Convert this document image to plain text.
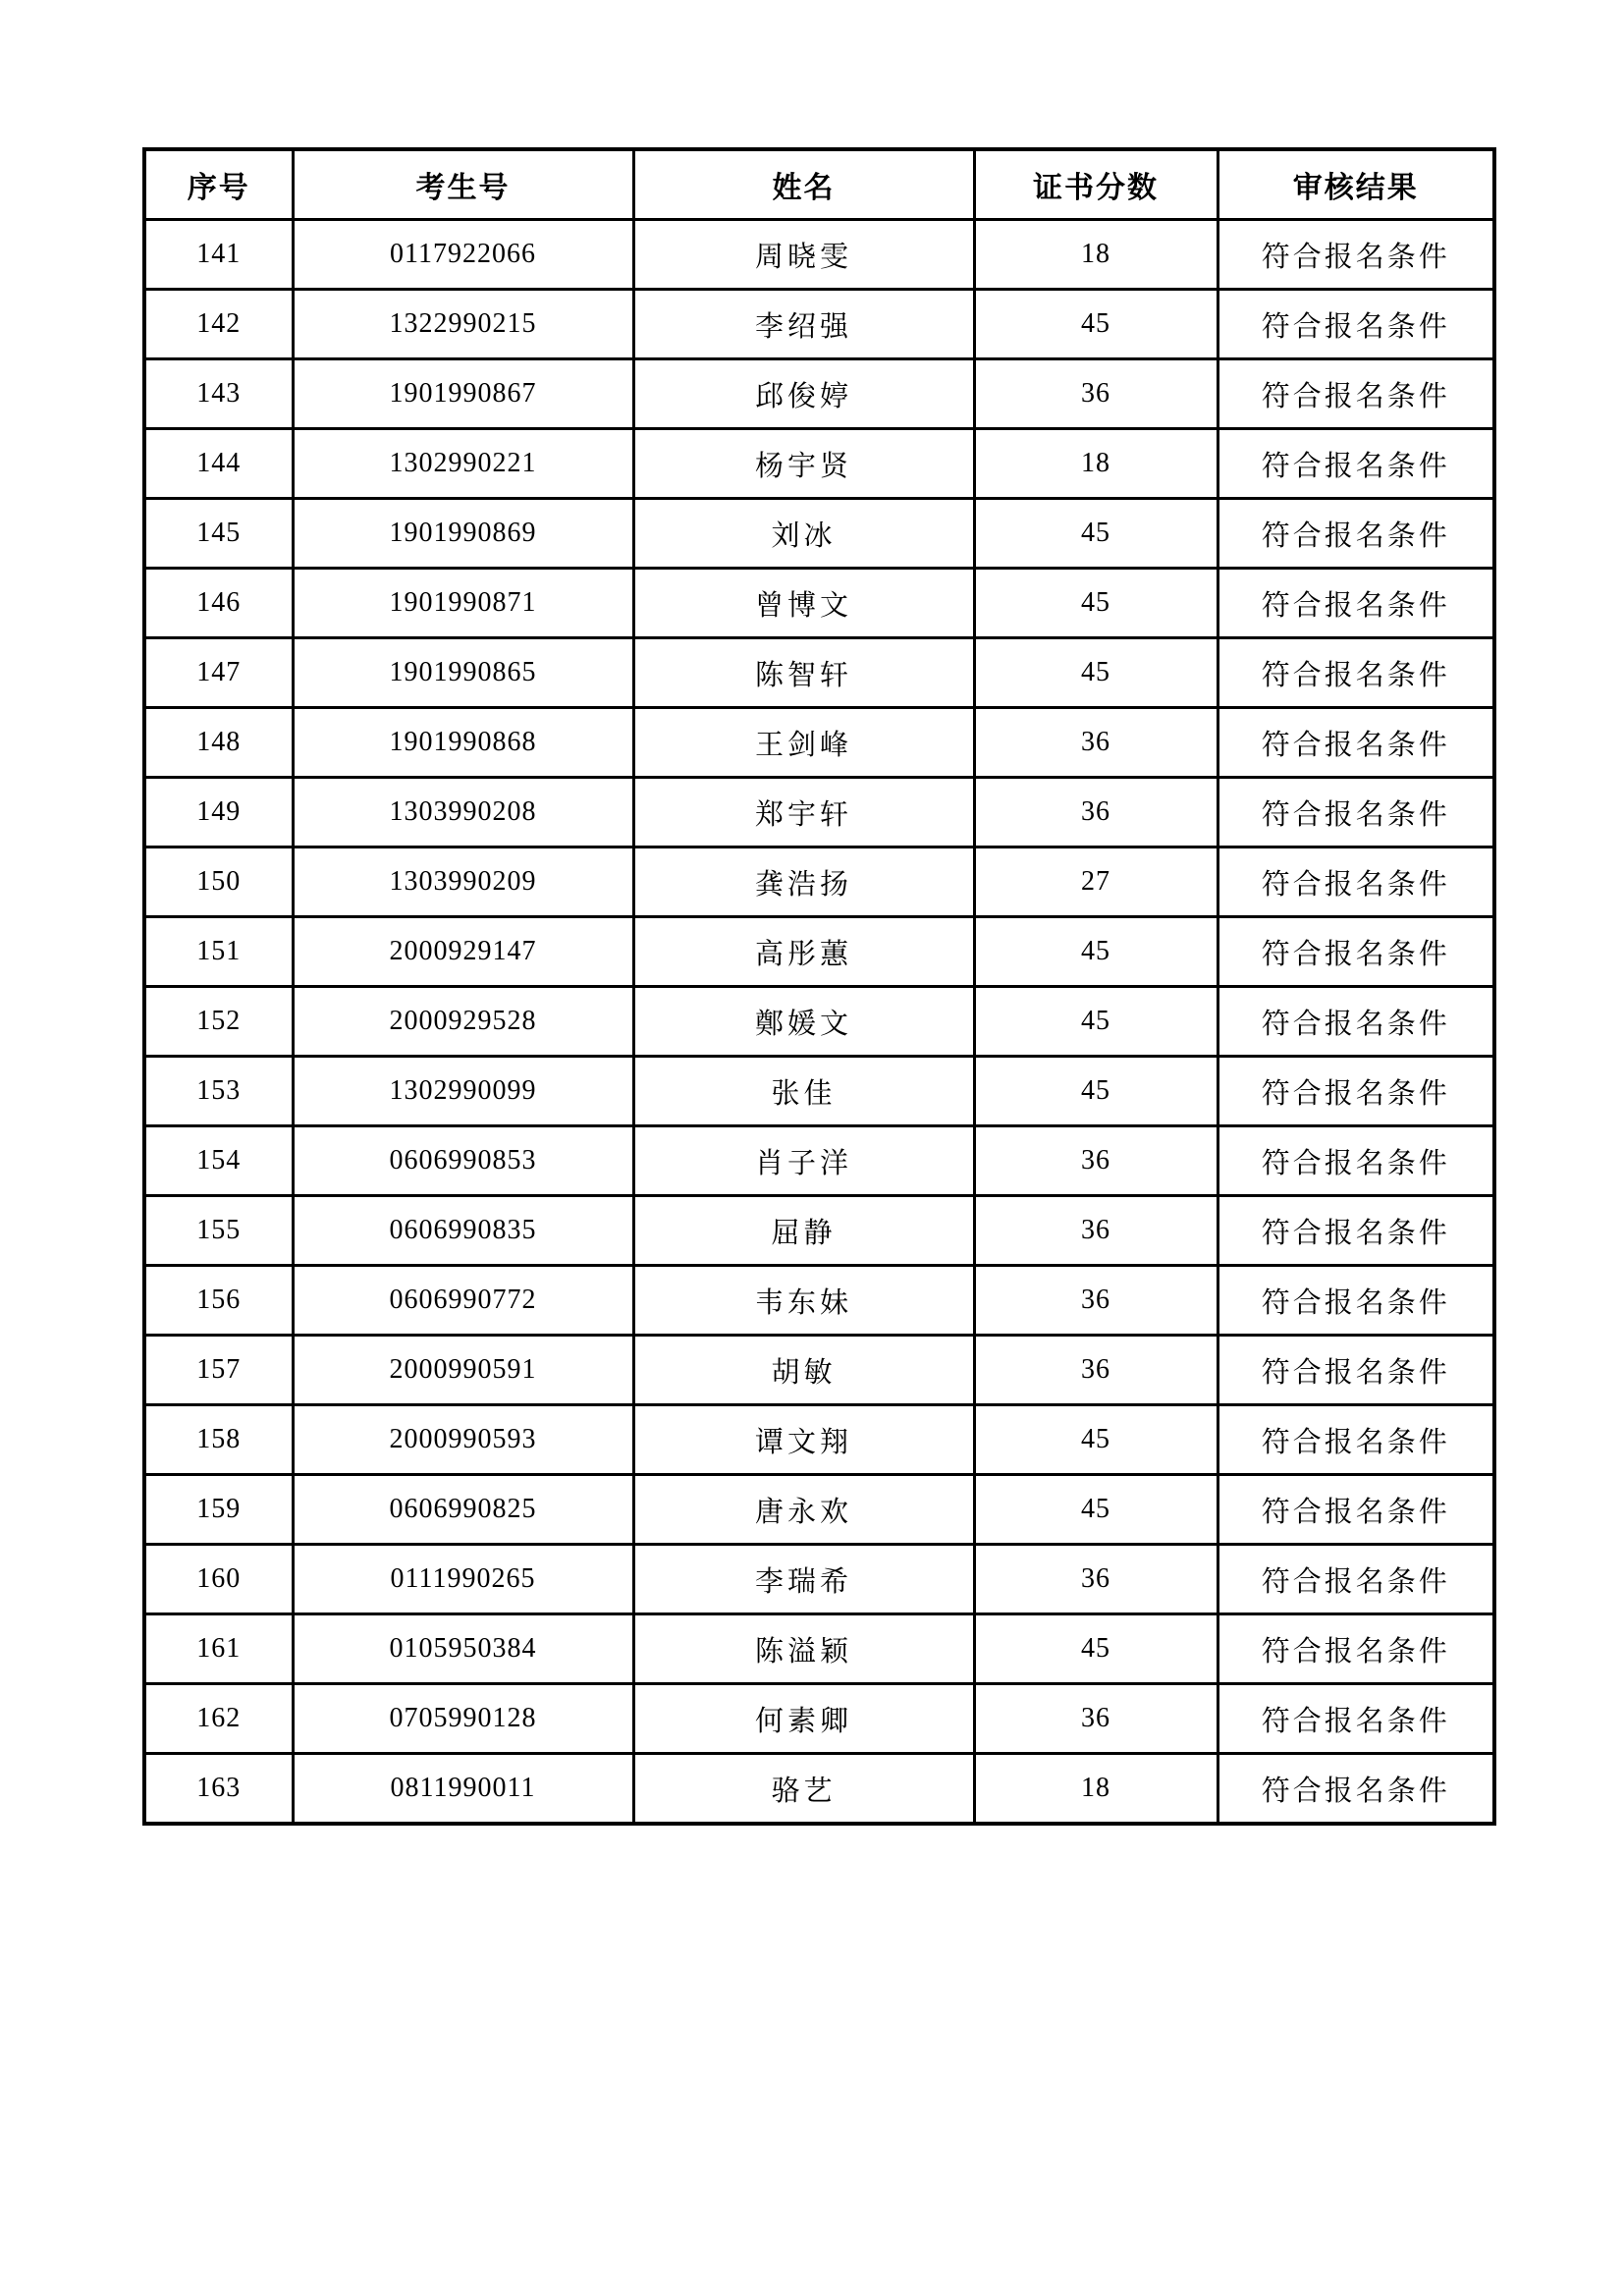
序号	考生号	姓名	证书分数	审核结果
141	0117922066	周晓雯	18	符合报名条件
142	1322990215	李绍强	45	符合报名条件
143	1901990867	邱俊婷	36	符合报名条件
144	1302990221	杨宇贤	18	符合报名条件
145	1901990869	刘冰	45	符合报名条件
146	1901990871	曾博文	45	符合报名条件
147	1901990865	陈智轩	45	符合报名条件
148	1901990868	王剑峰	36	符合报名条件
149	1303990208	郑宇轩	36	符合报名条件
150	1303990209	龚浩扬	27	符合报名条件
151	2000929147	高彤蕙	45	符合报名条件
152	2000929528	鄭媛文	45	符合报名条件
153	1302990099	张佳	45	符合报名条件
154	0606990853	肖子洋	36	符合报名条件
155	0606990835	屈静	36	符合报名条件
156	0606990772	韦东妹	36	符合报名条件
157	2000990591	胡敏	36	符合报名条件
158	2000990593	谭文翔	45	符合报名条件
159	0606990825	唐永欢	45	符合报名条件
160	0111990265	李瑞希	36	符合报名条件
161	0105950384	陈溢颖	45	符合报名条件
162	0705990128	何素卿	36	符合报名条件
163	0811990011	骆艺	18	符合报名条件
